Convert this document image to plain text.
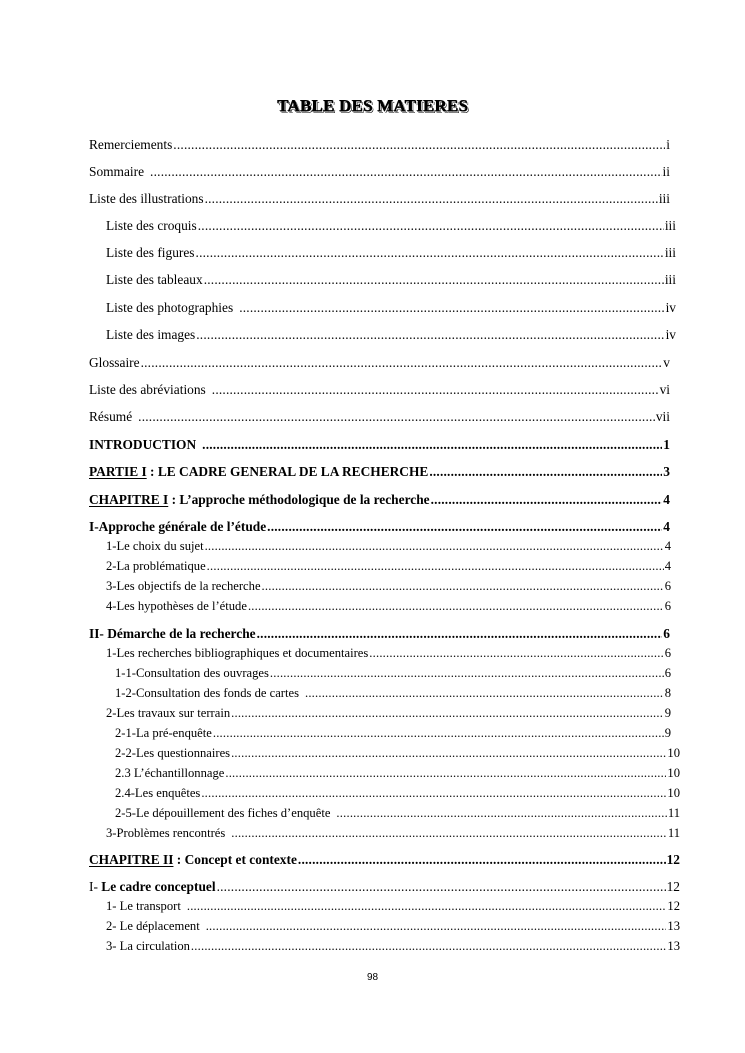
TABLE DES MATIERES
Remerciements .....	i
Sommaire .....	ii
Liste des illustrations .....	iii
Liste des croquis .....	iii
Liste des figures .....	iii
Liste des tableaux .....	iii
Liste des photographies .....	iv
Liste des images .....	iv
Glossaire .....	v
Liste des abréviations .....	vi
Résumé .....	vii
INTRODUCTION .....	1
PARTIE I : LE CADRE GENERAL DE LA RECHERCHE .....	3
CHAPITRE I : L’approche méthodologique de la recherche .....	4
I-Approche générale de l’étude .....	4
1-Le choix du sujet .....	4
2-La problématique .....	4
3-Les objectifs de la recherche .....	6
4-Les hypothèses de l’étude .....	6
II- Démarche de la recherche .....	6
1-Les recherches bibliographiques et documentaires .....	6
1-1-Consultation des ouvrages .....	6
1-2-Consultation des fonds de cartes .....	8
2-Les travaux sur terrain .....	9
2-1-La pré-enquête .....	9
2-2-Les questionnaires .....	10
2.3 L’échantillonnage .....	10
2.4-Les enquêtes .....	10
2-5-Le dépouillement des fiches d’enquête .....	11
3-Problèmes rencontrés .....	11
CHAPITRE II : Concept et contexte .....	12
I- Le cadre conceptuel .....	12
1- Le transport .....	12
2- Le déplacement .....	13
3- La circulation .....	13
98
